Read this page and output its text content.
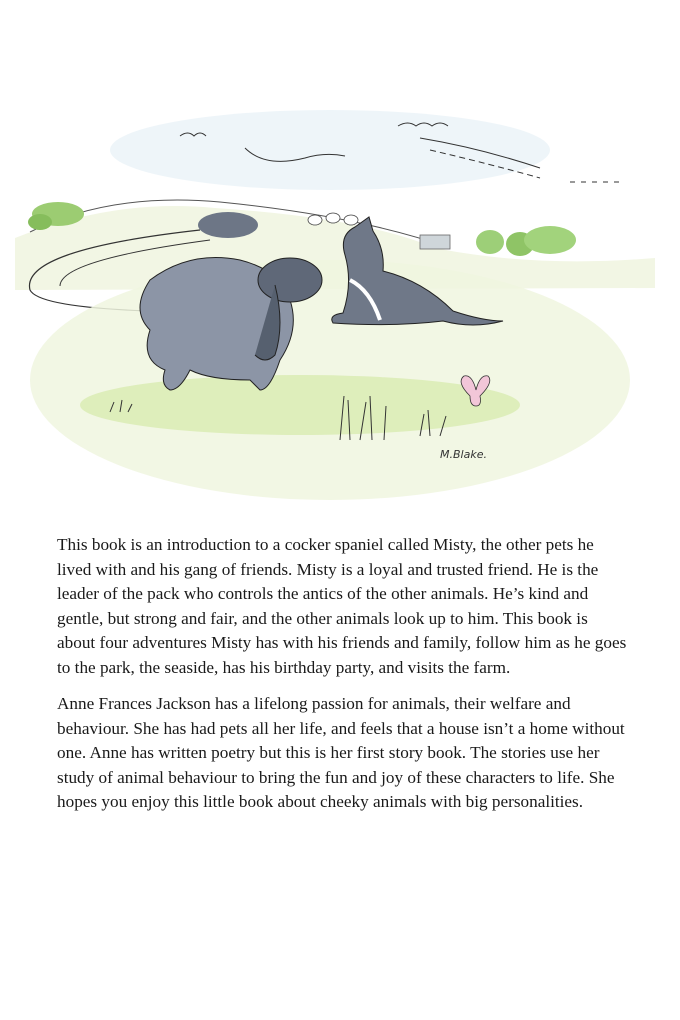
M.Blake.

This book is an introduction to a cocker spaniel called Misty, the other pets he lived with and his gang of friends. Misty is a loyal and trusted friend. He is the leader of the pack who controls the antics of the other animals. He’s kind and gentle, but strong and fair, and the other animals look up to him. This book is about four adventures Misty has with his friends and family, follow him as he goes to the park, the seaside, has his birthday party, and visits the farm.

Anne Frances Jackson has a lifelong passion for animals, their welfare and behaviour. She has had pets all her life, and feels that a house isn’t a home without one. Anne has written poetry but this is her first story book. The stories use her study of animal behaviour to bring the fun and joy of these characters to life. She hopes you enjoy this little book about cheeky animals with big personalities.
